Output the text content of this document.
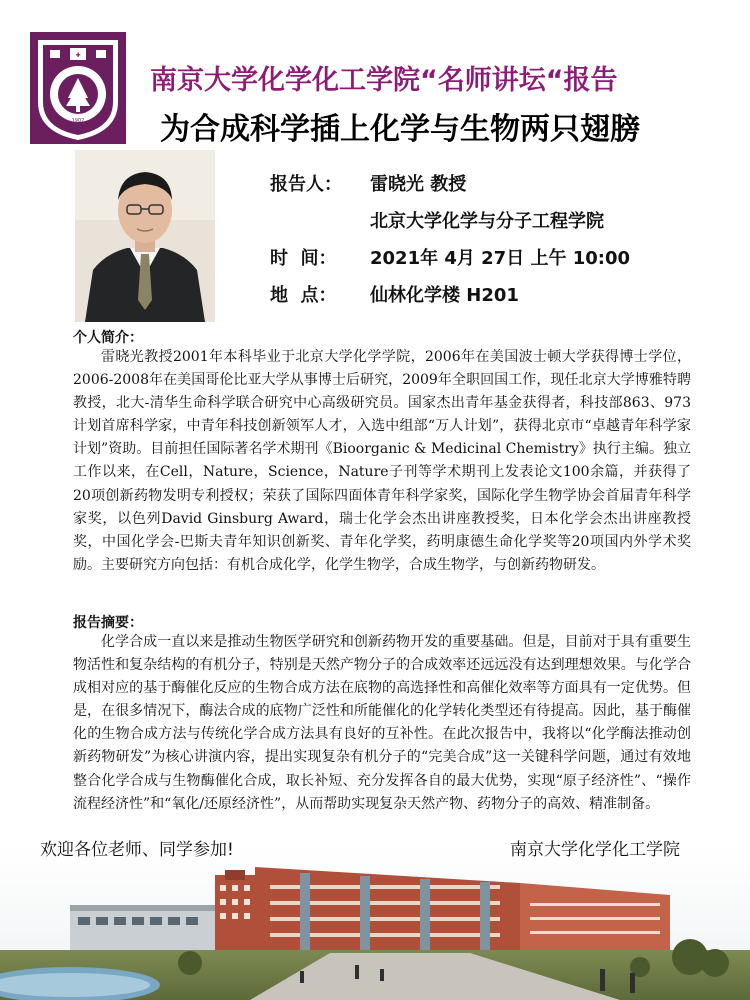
1902
✚
南京大学化学化工学院“名师讲坛“报告
为合成科学插上化学与生物两只翅膀
报告人： 雷晓光 教授
北京大学化学与分子工程学院
时  间： 2021年 4月 27日 上午 10:00
地  点： 仙林化学楼 H201
个人简介：
雷晓光教授2001年本科毕业于北京大学化学学院，2006年在美国波士顿大学获得博士学位，2006-2008年在美国哥伦比亚大学从事博士后研究，2009年全职回国工作，现任北京大学博雅特聘教授，北大-清华生命科学联合研究中心高级研究员。国家杰出青年基金获得者，科技部863、973计划首席科学家，中青年科技创新领军人才，入选中组部“万人计划”，获得北京市“卓越青年科学家计划”资助。目前担任国际著名学术期刊《Bioorganic & Medicinal Chemistry》执行主编。独立工作以来，在Cell，Nature，Science，Nature子刊等学术期刊上发表论文100余篇，并获得了20项创新药物发明专利授权；荣获了国际四面体青年科学家奖，国际化学生物学协会首届青年科学家奖，以色列David Ginsburg Award，瑞士化学会杰出讲座教授奖，日本化学会杰出讲座教授奖，中国化学会-巴斯夫青年知识创新奖、青年化学奖，药明康德生命化学奖等20项国内外学术奖励。主要研究方向包括：有机合成化学，化学生物学，合成生物学，与创新药物研发。
报告摘要：
化学合成一直以来是推动生物医学研究和创新药物开发的重要基础。但是，目前对于具有重要生物活性和复杂结构的有机分子，特别是天然产物分子的合成效率还远远没有达到理想效果。与化学合成相对应的基于酶催化反应的生物合成方法在底物的高选择性和高催化效率等方面具有一定优势。但是，在很多情况下，酶法合成的底物广泛性和所能催化的化学转化类型还有待提高。因此，基于酶催化的生物合成方法与传统化学合成方法具有良好的互补性。在此次报告中，我将以“化学酶法推动创新药物研发”为核心讲演内容，提出实现复杂有机分子的“完美合成”这一关键科学问题，通过有效地整合化学合成与生物酶催化合成，取长补短、充分发挥各自的最大优势，实现“原子经济性”、“操作流程经济性”和“氧化/还原经济性”，从而帮助实现复杂天然产物、药物分子的高效、精准制备。
欢迎各位老师、同学参加!	南京大学化学化工学院
